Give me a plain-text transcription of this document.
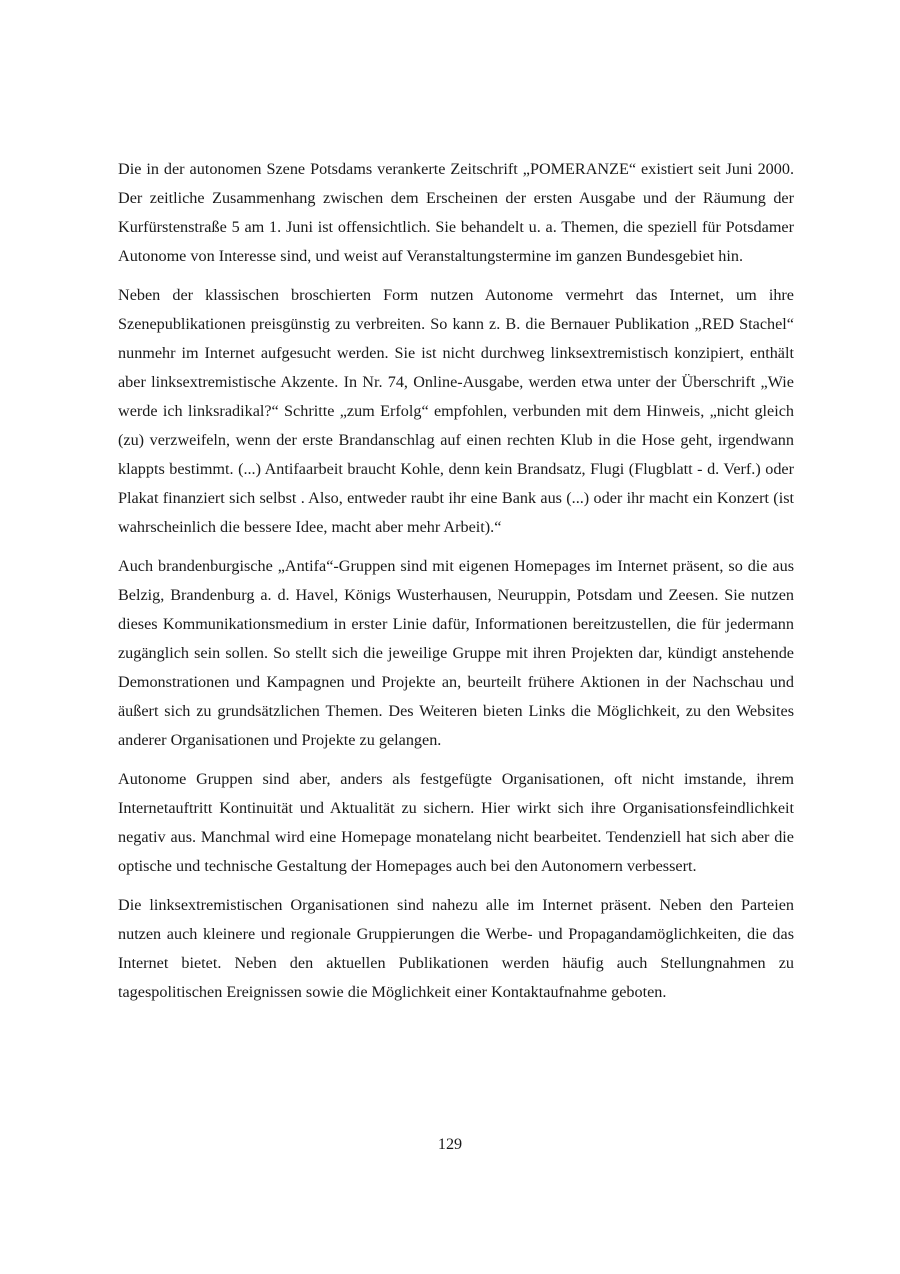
Die in der autonomen Szene Potsdams verankerte Zeitschrift „POMERANZE“ existiert seit Juni 2000. Der zeitliche Zusammenhang zwischen dem Erscheinen der ersten Ausgabe und der Räumung der Kurfürstenstraße 5 am 1. Juni ist offensichtlich. Sie behandelt u. a. Themen, die speziell für Potsdamer Autonome von Interesse sind, und weist auf Veranstaltungstermine im ganzen Bundesgebiet hin.

Neben der klassischen broschierten Form nutzen Autonome vermehrt das Internet, um ihre Szenepublikationen preisgünstig zu verbreiten. So kann z. B. die Bernauer Publikation „RED Stachel“ nunmehr im Internet aufgesucht werden. Sie ist nicht durchweg linksextremistisch konzipiert, enthält aber linksextremistische Akzente. In Nr. 74, Online-Ausgabe, werden etwa unter der Überschrift „Wie werde ich linksradikal?“ Schritte „zum Erfolg“ empfohlen, verbunden mit dem Hinweis, „nicht gleich (zu) verzweifeln, wenn der erste Brandanschlag auf einen rechten Klub in die Hose geht, irgendwann klappts bestimmt. (...) Antifaarbeit braucht Kohle, denn kein Brandsatz, Flugi (Flugblatt - d. Verf.) oder Plakat finanziert sich selbst . Also, entweder raubt ihr eine Bank aus (...) oder ihr macht ein Konzert (ist wahrscheinlich die bessere Idee, macht aber mehr Arbeit).“

Auch brandenburgische „Antifa“-Gruppen sind mit eigenen Homepages im Internet präsent, so die aus Belzig, Brandenburg a. d. Havel, Königs Wusterhausen, Neuruppin, Potsdam und Zeesen. Sie nutzen dieses Kommunikationsmedium in erster Linie dafür, Informationen bereitzustellen, die für jedermann zugänglich sein sollen. So stellt sich die jeweilige Gruppe mit ihren Projekten dar, kündigt anstehende Demonstrationen und Kampagnen und Projekte an, beurteilt frühere Aktionen in der Nachschau und äußert sich zu grundsätzlichen Themen. Des Weiteren bieten Links die Möglichkeit, zu den Websites anderer Organisationen und Projekte zu gelangen.

Autonome Gruppen sind aber, anders als festgefügte Organisationen, oft nicht imstande, ihrem Internetauftritt Kontinuität und Aktualität zu sichern. Hier wirkt sich ihre Organisationsfeindlichkeit negativ aus. Manchmal wird eine Homepage monatelang nicht bearbeitet. Tendenziell hat sich aber die optische und technische Gestaltung der Homepages auch bei den Autonomern verbessert.

Die linksextremistischen Organisationen sind nahezu alle im Internet präsent. Neben den Parteien nutzen auch kleinere und regionale Gruppierungen die Werbe- und Propagandamöglichkeiten, die das Internet bietet. Neben den aktuellen Publikationen werden häufig auch Stellungnahmen zu tagespolitischen Ereignissen sowie die Möglichkeit einer Kontaktaufnahme geboten.

129
